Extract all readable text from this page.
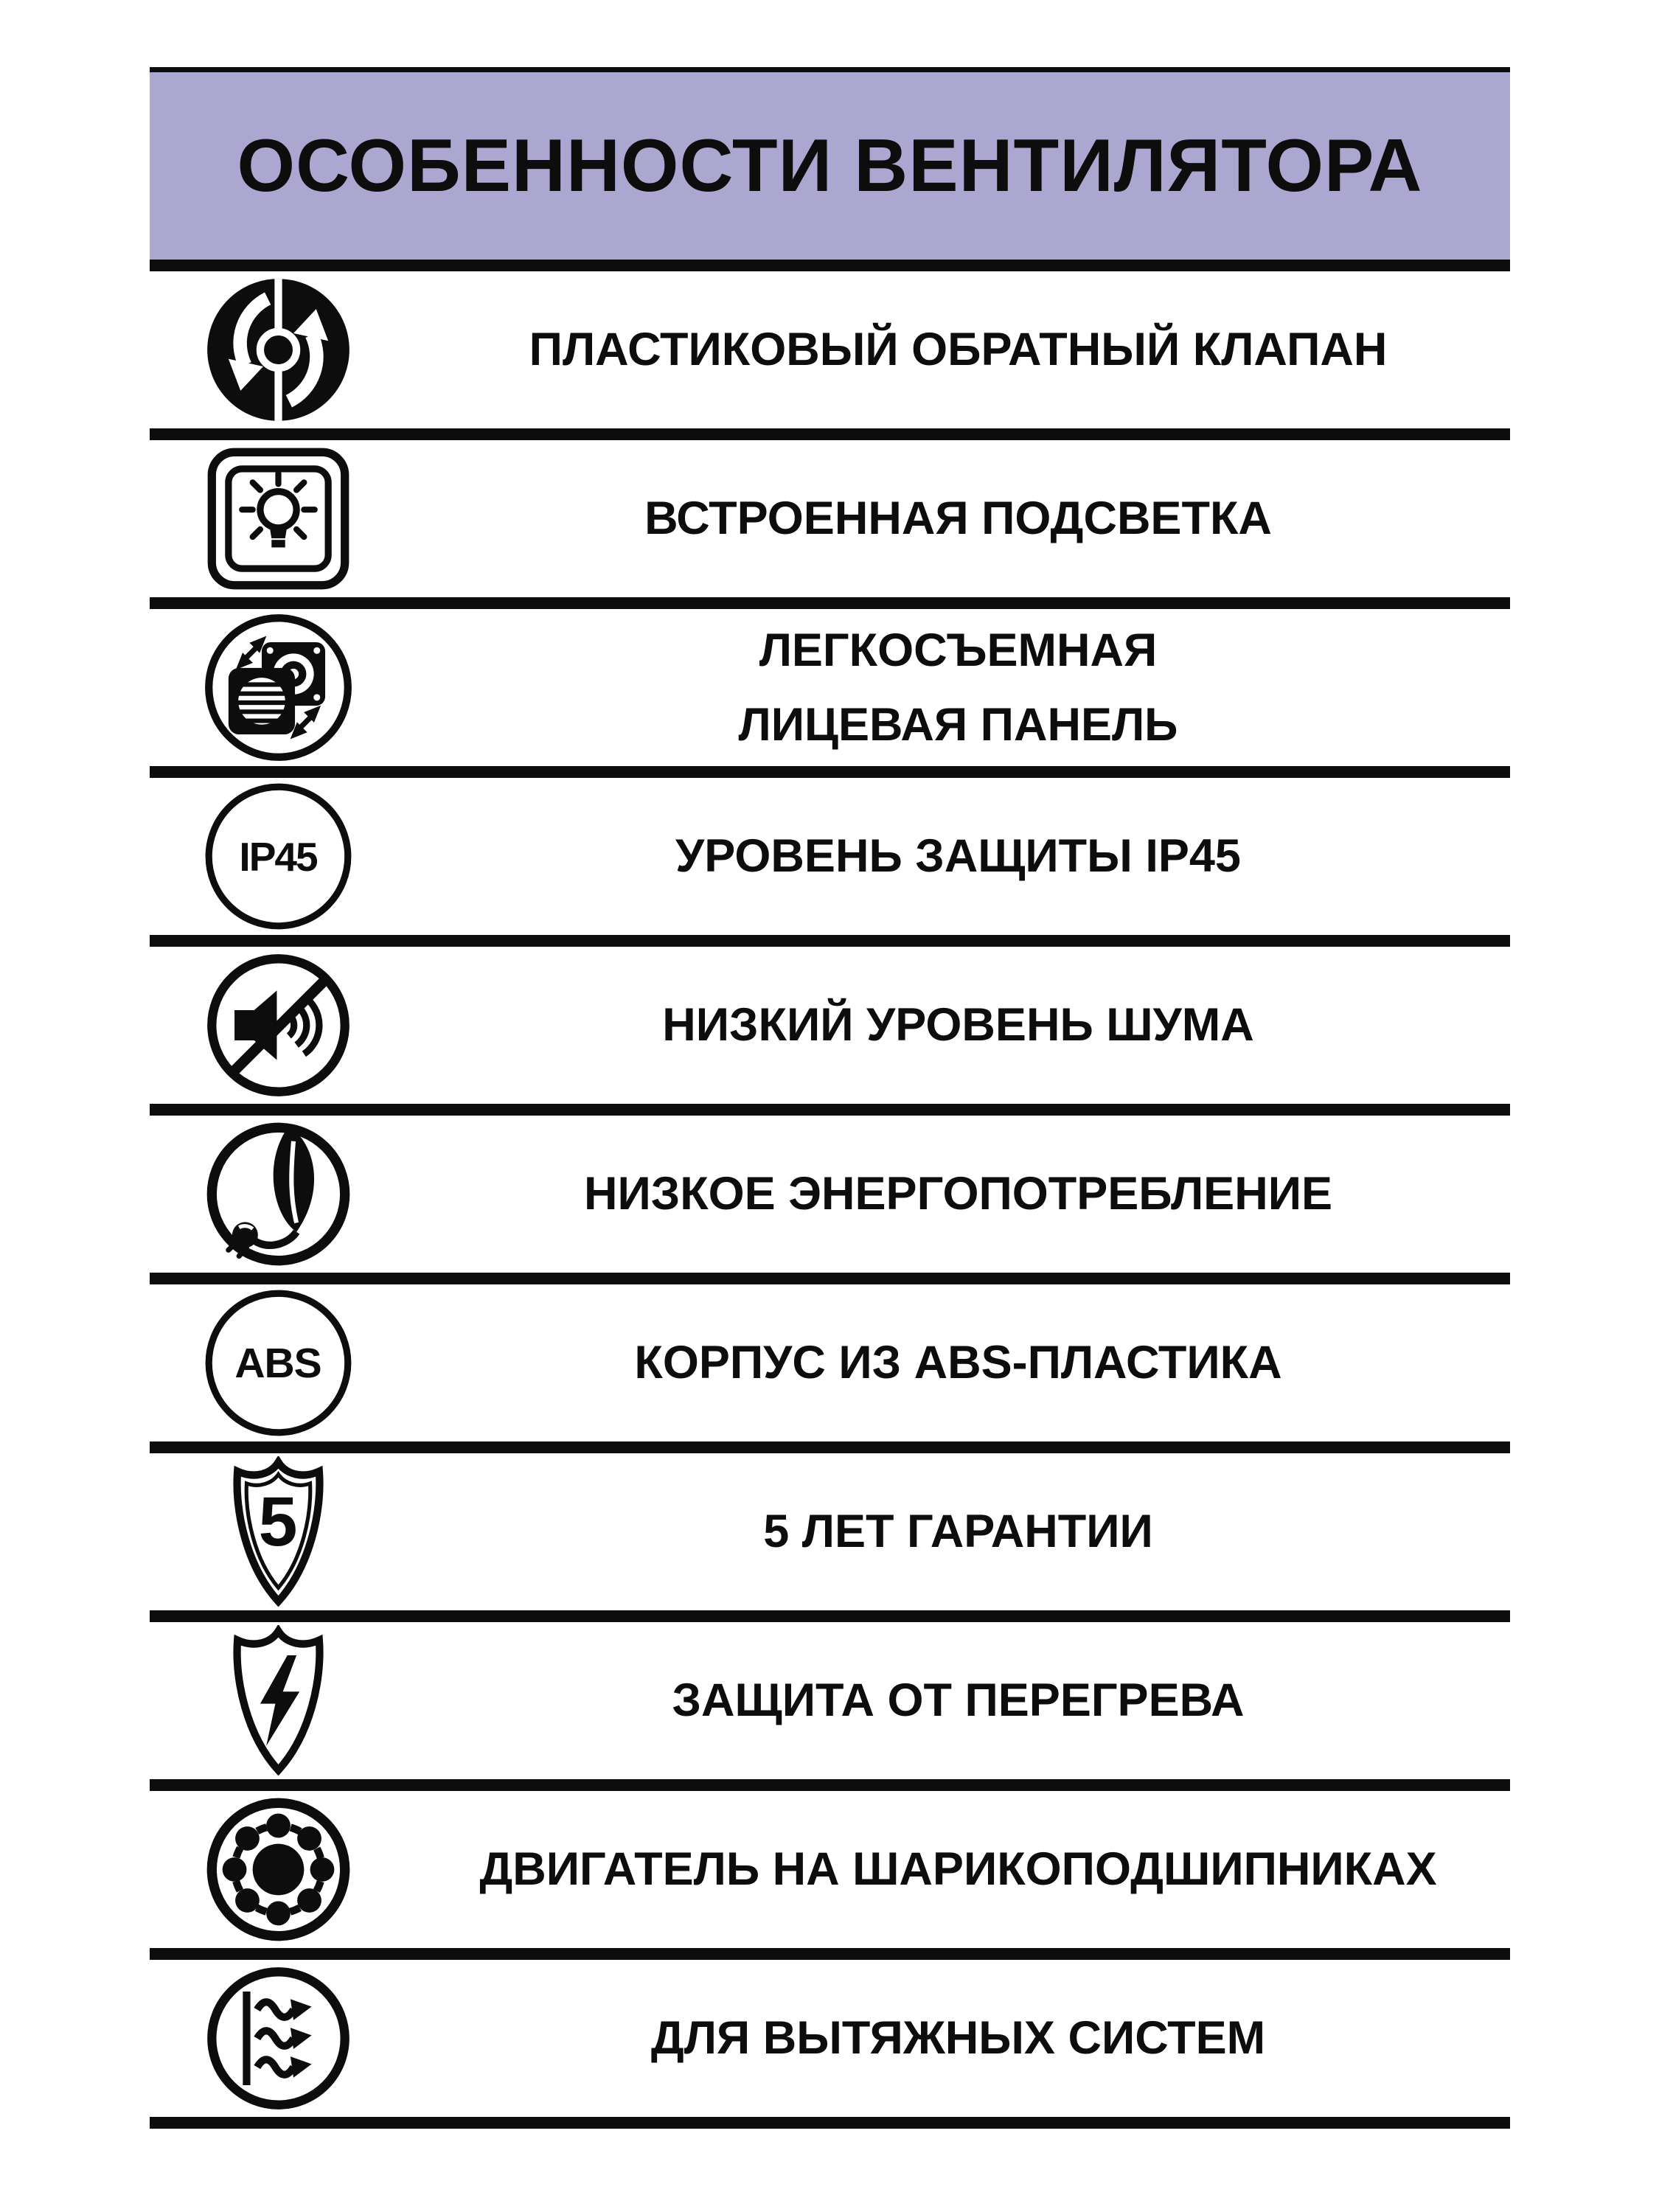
ОСОБЕННОСТИ ВЕНТИЛЯТОРА
ПЛАСТИКОВЫЙ ОБРАТНЫЙ КЛАПАН
ВСТРОЕННАЯ ПОДСВЕТКА
ЛЕГКОСЪЕМНАЯ
ЛИЦЕВАЯ ПАНЕЛЬ
IP45	УРОВЕНЬ ЗАЩИТЫ IP45
НИЗКИЙ УРОВЕНЬ ШУМА
НИЗКОЕ ЭНЕРГОПОТРЕБЛЕНИЕ
ABS	КОРПУС ИЗ ABS-ПЛАСТИКА
5	5 ЛЕТ ГАРАНТИИ
ЗАЩИТА ОТ ПЕРЕГРЕВА
ДВИГАТЕЛЬ НА ШАРИКОПОДШИПНИКАХ
ДЛЯ ВЫТЯЖНЫХ СИСТЕМ
